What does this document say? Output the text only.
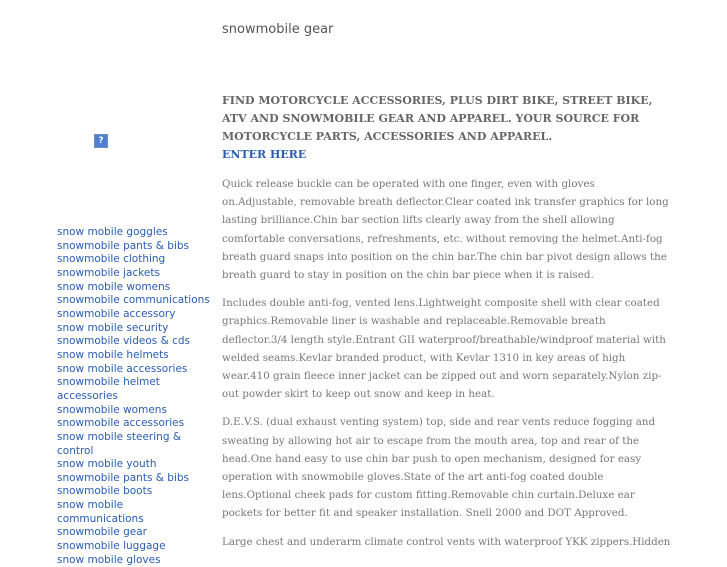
?
snow mobile goggles
snowmobile pants & bibs
snowmobile clothing
snowmobile jackets
snow mobile womens
snowmobile communications
snowmobile accessory
snow mobile security
snowmobile videos & cds
snow mobile helmets
snow mobile accessories
snowmobile helmet accessories
snowmobile womens
snowmobile accessories
snow mobile steering & control
snow mobile youth
snowmobile pants & bibs
snowmobile boots
snow mobile communications
snowmobile gear
snowmobile luggage
snow mobile gloves
snowmobile gear

FIND MOTORCYCLE ACCESSORIES, PLUS DIRT BIKE, STREET BIKE, ATV AND SNOWMOBILE GEAR AND APPAREL. YOUR SOURCE FOR MOTORCYCLE PARTS, ACCESSORIES AND APPAREL.

ENTER HERE

Quick release buckle can be operated with one finger, even with gloves on.Adjustable, removable breath deflector.Clear coated ink transfer graphics for long lasting brilliance.Chin bar section lifts clearly away from the shell allowing comfortable conversations, refreshments, etc. without removing the helmet.Anti-fog breath guard snaps into position on the chin bar.The chin bar pivot design allows the breath guard to stay in position on the chin bar piece when it is raised.

Includes double anti-fog, vented lens.Lightweight composite shell with clear coated graphics.Removable liner is washable and replaceable.Removable breath deflector.3/4 length style.Entrant GII waterproof/breathable/windproof material with welded seams.Kevlar branded product, with Kevlar 1310 in key areas of high wear.410 grain fleece inner jacket can be zipped out and worn separately.Nylon zip-out powder skirt to keep out snow and keep in heat.

D.E.V.S. (dual exhaust venting system) top, side and rear vents reduce fogging and sweating by allowing hot air to escape from the mouth area, top and rear of the head.One hand easy to use chin bar push to open mechanism, designed for easy operation with snowmobile gloves.State of the art anti-fog coated double lens.Optional cheek pads for custom fitting.Removable chin curtain.Deluxe ear pockets for better fit and speaker installation. Snell 2000 and DOT Approved.

Large chest and underarm climate control vents with waterproof YKK zippers.Hidden
